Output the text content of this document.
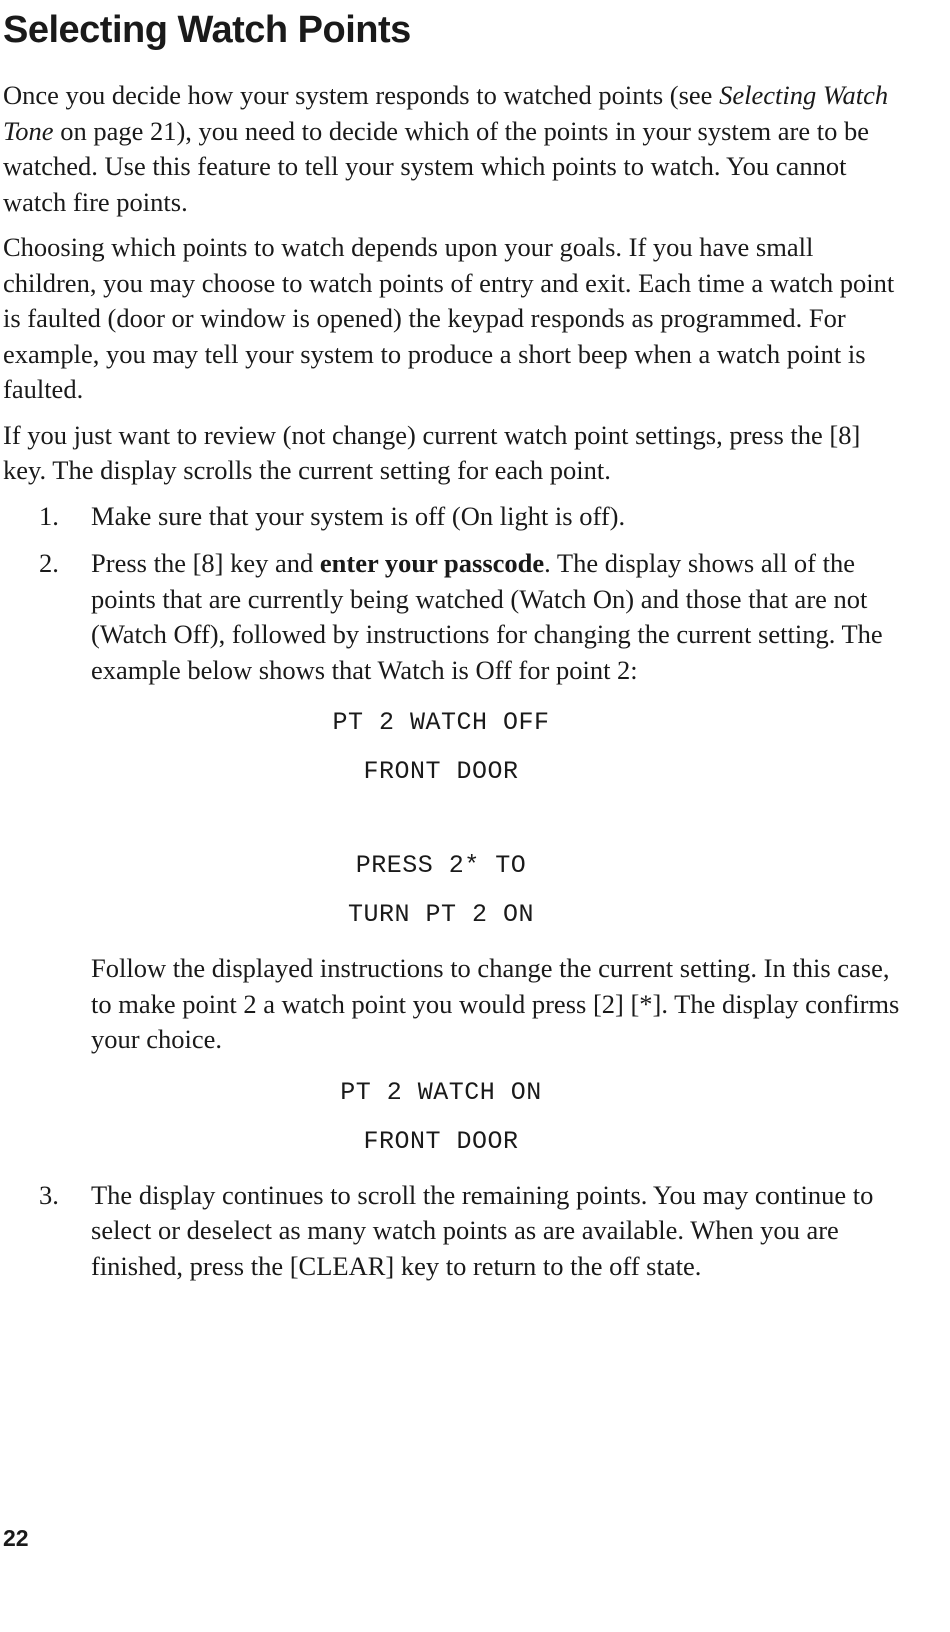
Selecting Watch Points

Once you decide how your system responds to watched points (see Selecting Watch Tone on page 21), you need to decide which of the points in your system are to be watched. Use this feature to tell your system which points to watch. You cannot watch fire points.

Choosing which points to watch depends upon your goals. If you have small children, you may choose to watch points of entry and exit. Each time a watch point is faulted (door or window is opened) the keypad responds as programmed. For example, you may tell your system to produce a short beep when a watch point is faulted.

If you just want to review (not change) current watch point settings, press the [8] key. The display scrolls the current setting for each point.

1. Make sure that your system is off (On light is off).

2. Press the [8] key and enter your passcode. The display shows all of the points that are currently being watched (Watch On) and those that are not (Watch Off), followed by instructions for changing the current setting. The example below shows that Watch is Off for point 2:

PT 2 WATCH OFF
FRONT DOOR
PRESS 2* TO
TURN PT 2 ON

Follow the displayed instructions to change the current setting. In this case, to make point 2 a watch point you would press [2] [*]. The display confirms your choice.

PT 2 WATCH ON
FRONT DOOR
3. The display continues to scroll the remaining points. You may continue to select or deselect as many watch points as are available. When you are finished, press the [CLEAR] key to return to the off state.

22
